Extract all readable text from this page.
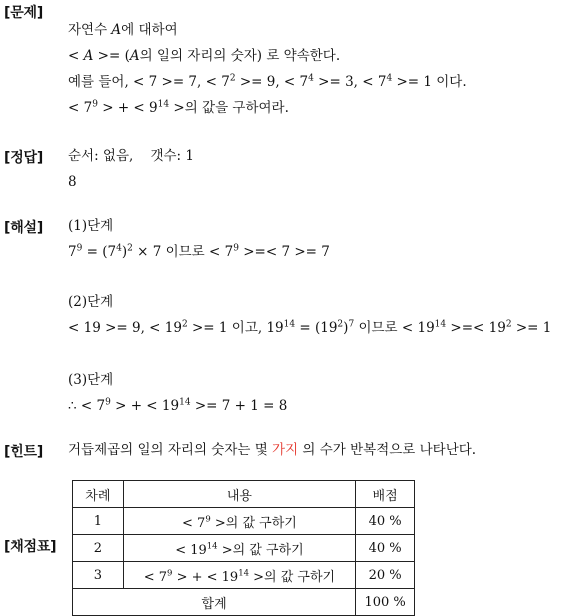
[문제]
자연수 A에 대하여
< A >= (A의 일의 자리의 숫자) 로 약속한다.
예를 들어, < 7 >= 7, < $7^2 >= 9$, < $7^4 >= 3$, < $7^4 >= 1$ 이다.
< $7^9$ > + < $9^{14}$ >의 값을 구하여라.
[정답] 순서: 없음,    갯수: 1
8
[해설] (1)단계
$7^9 = (7^4)^2 \times 7$ 이므로 < $7^9$ >=< 7 >= 7
(2)단계
< 19 >= 9, < $19^2 >= 1$ 이고, $19^{14} = (19^2)^7$ 이므로 < $19^{14}$ >=< $19^2 >= 1$
(3)단계
∴ < $7^9$ > + < $19^{14} >= 7 + 1 = 8$
[힌트] 거듭제곱의 일의 자리의 숫자는 몇 가지 의 수가 반복적으로 나타난다.
[채점표]
차례	내용	배점
1	< $7^9$ >의 값 구하기	40 %
2	< $19^{14}$ >의 값 구하기	40 %
3	< $7^9$ > + < $19^{14}$ >의 값 구하기	20 %
합계		100 %
